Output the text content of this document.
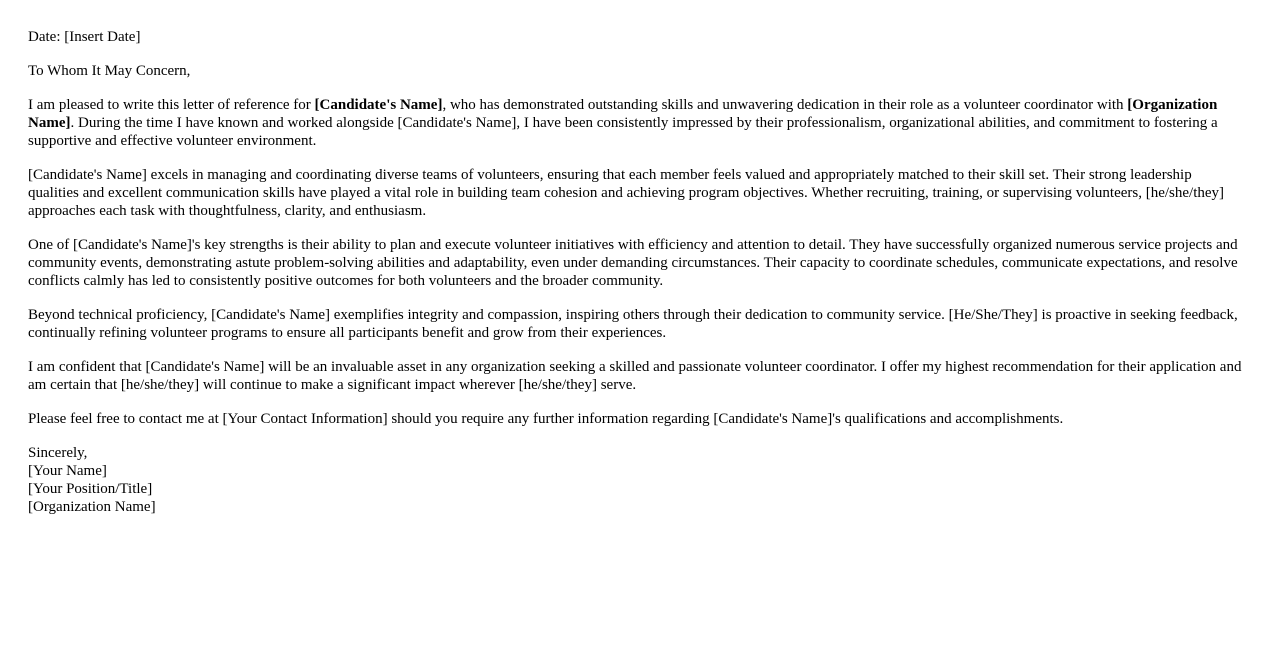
Date: [Insert Date]

To Whom It May Concern,

I am pleased to write this letter of reference for [Candidate's Name], who has demonstrated outstanding skills and unwavering dedication in their role as a volunteer coordinator with [Organization Name]. During the time I have known and worked alongside [Candidate's Name], I have been consistently impressed by their professionalism, organizational abilities, and commitment to fostering a supportive and effective volunteer environment.

[Candidate's Name] excels in managing and coordinating diverse teams of volunteers, ensuring that each member feels valued and appropriately matched to their skill set. Their strong leadership qualities and excellent communication skills have played a vital role in building team cohesion and achieving program objectives. Whether recruiting, training, or supervising volunteers, [he/she/they] approaches each task with thoughtfulness, clarity, and enthusiasm.

One of [Candidate's Name]'s key strengths is their ability to plan and execute volunteer initiatives with efficiency and attention to detail. They have successfully organized numerous service projects and community events, demonstrating astute problem-solving abilities and adaptability, even under demanding circumstances. Their capacity to coordinate schedules, communicate expectations, and resolve conflicts calmly has led to consistently positive outcomes for both volunteers and the broader community.

Beyond technical proficiency, [Candidate's Name] exemplifies integrity and compassion, inspiring others through their dedication to community service. [He/She/They] is proactive in seeking feedback, continually refining volunteer programs to ensure all participants benefit and grow from their experiences.

I am confident that [Candidate's Name] will be an invaluable asset in any organization seeking a skilled and passionate volunteer coordinator. I offer my highest recommendation for their application and am certain that [he/she/they] will continue to make a significant impact wherever [he/she/they] serve.

Please feel free to contact me at [Your Contact Information] should you require any further information regarding [Candidate's Name]'s qualifications and accomplishments.

Sincerely,
[Your Name]
[Your Position/Title]
[Organization Name]
